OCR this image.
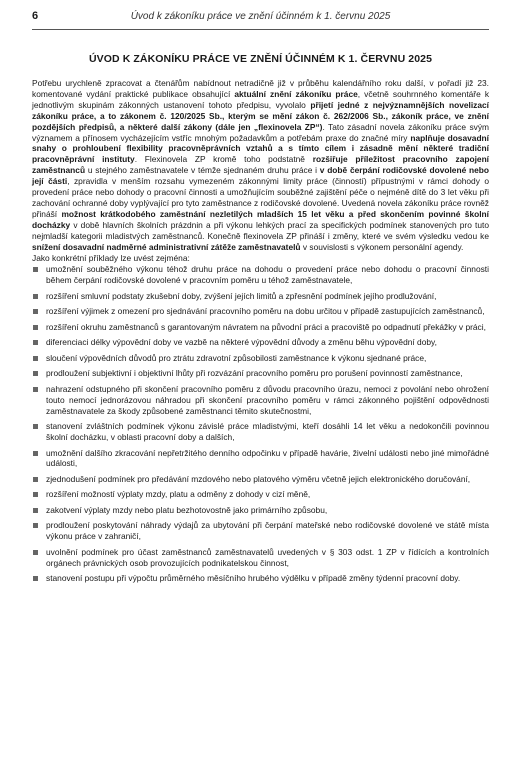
6	Úvod k zákoníku práce ve znění účinném k 1. červnu 2025
ÚVOD K ZÁKONÍKU PRÁCE VE ZNĚNÍ ÚČINNÉM K 1. ČERVNU 2025

Potřebu urychleně zpracovat a čtenářům nabídnout netradičně již v průběhu kalendářního roku další, v pořadí již 23. komentované vydání praktické publikace obsahující aktuální znění zákoníku práce, včetně souhrnného komentáře k jednotlivým skupinám zákonných ustanovení tohoto předpisu, vyvolalo přijetí jedné z nejvýznamnějších novelizací zákoníku práce, a to zákonem č. 120/2025 Sb., kterým se mění zákon č. 262/2006 Sb., zákoník práce, ve znění pozdějších předpisů, a některé další zákony (dále jen „flexinovela ZP“). Tato zásadní novela zákoníku práce svým významem a přínosem vycházejícím vstříc mnohým požadavkům a potřebám praxe do značné míry naplňuje dosavadní snahy o prohloubení flexibility pracovněprávních vztahů a s tímto cílem i zásadně mění některé tradiční pracovněprávní instituty. Flexinovela ZP kromě toho podstatně rozšiřuje příležitost pracovního zapojení zaměstnanců u stejného zaměstnavatele v témže sjednaném druhu práce i v době čerpání rodičovské dovolené nebo její části, zpravidla v menším rozsahu vymezeném zákonnými limity práce (činností) přípustnými v rámci dohody o provedení práce nebo dohody o pracovní činnosti a umožňujícím souběžné zajištění péče o nejméně dítě do 3 let věku při zachování ochranné doby vyplývající pro tyto zaměstnance z rodičovské dovolené. Uvedená novela zákoníku práce rovněž přináší možnost krátkodobého zaměstnání nezletilých mladších 15 let věku a před skončením povinné školní docházky v době hlavních školních prázdnin a při výkonu lehkých prací za specifických podmínek stanovených pro tuto nejmladší kategorii mladistvých zaměstnanců. Konečně flexinovela ZP přináší i změny, které ve svém výsledku vedou ke snížení dosavadní nadměrné administrativní zátěže zaměstnavatelů v souvislosti s výkonem personální agendy.

Jako konkrétní příklady lze uvést zejména:

umožnění souběžného výkonu téhož druhu práce na dohodu o provedení práce nebo dohodu o pracovní činnosti během čerpání rodičovské dovolené v pracovním poměru u téhož zaměstnavatele,
rozšíření smluvní podstaty zkušební doby, zvýšení jejích limitů a zpřesnění podmínek jejího prodlužování,
rozšíření výjimek z omezení pro sjednávání pracovního poměru na dobu určitou v případě zastupujících zaměstnanců,
rozšíření okruhu zaměstnanců s garantovaným návratem na původní práci a pracoviště po odpadnutí překážky v práci,
diferenciaci délky výpovědní doby ve vazbě na některé výpovědní důvody a změnu běhu výpovědní doby,
sloučení výpovědních důvodů pro ztrátu zdravotní způsobilosti zaměstnance k výkonu sjednané práce,
prodloužení subjektivní i objektivní lhůty při rozvázání pracovního poměru pro porušení povinností zaměstnance,
nahrazení odstupného při skončení pracovního poměru z důvodu pracovního úrazu, nemoci z povolání nebo ohrožení touto nemocí jednorázovou náhradou při skončení pracovního poměru v rámci zákonného pojištění odpovědnosti zaměstnavatele za škody způsobené zaměstnanci těmito skutečnostmi,
stanovení zvláštních podmínek výkonu závislé práce mladistvými, kteří dosáhli 14 let věku a nedokončili povinnou školní docházku, v oblasti pracovní doby a dalších,
umožnění dalšího zkracování nepřetržitého denního odpočinku v případě havárie, živelní události nebo jiné mimořádné události,
zjednodušení podmínek pro předávání mzdového nebo platového výměru včetně jejich elektronického doručování,
rozšíření možností výplaty mzdy, platu a odměny z dohody v cizí měně,
zakotvení výplaty mzdy nebo platu bezhotovostně jako primárního způsobu,
prodloužení poskytování náhrady výdajů za ubytování při čerpání mateřské nebo rodičovské dovolené ve státě místa výkonu práce v zahraničí,
uvolnění podmínek pro účast zaměstnanců zaměstnavatelů uvedených v § 303 odst. 1 ZP v řídících a kontrolních orgánech právnických osob provozujících podnikatelskou činnost,
stanovení postupu při výpočtu průměrného měsíčního hrubého výdělku v případě změny týdenní pracovní doby.
